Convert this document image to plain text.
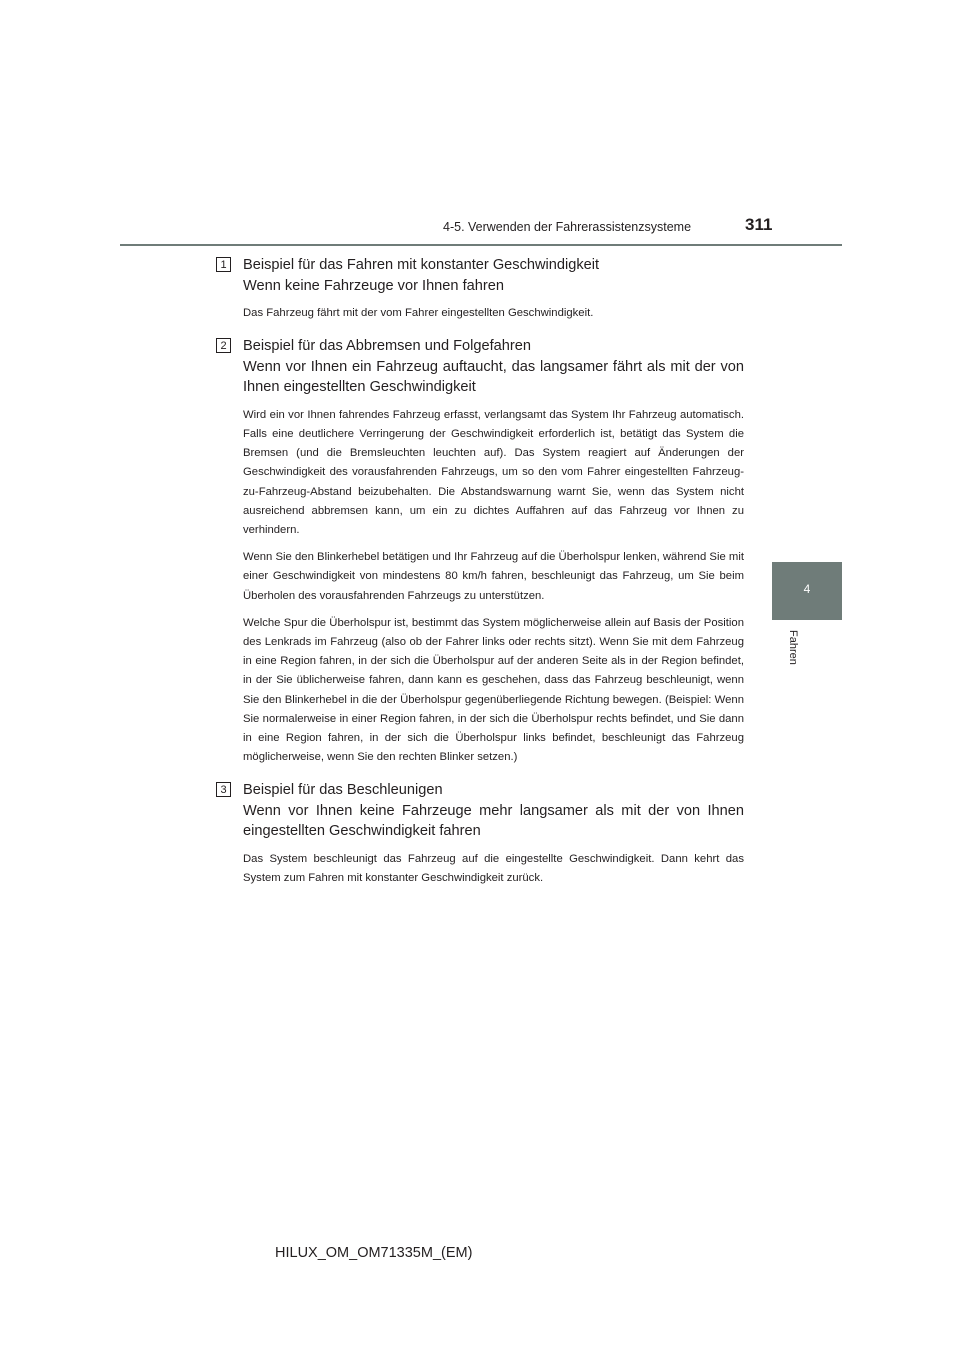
4-5. Verwenden der Fahrerassistenzsysteme	311
4
Fahren
1	Beispiel für das Fahren mit konstanter Geschwindigkeit

Wenn keine Fahrzeuge vor Ihnen fahren

Das Fahrzeug fährt mit der vom Fahrer eingestellten Geschwindigkeit.

2	Beispiel für das Abbremsen und Folgefahren

Wenn vor Ihnen ein Fahrzeug auftaucht, das langsamer fährt als mit der von Ihnen eingestellten Geschwindigkeit

Wird ein vor Ihnen fahrendes Fahrzeug erfasst, verlangsamt das System Ihr Fahrzeug automatisch. Falls eine deutlichere Verringerung der Geschwindigkeit erforderlich ist, betätigt das System die Bremsen (und die Bremsleuchten leuchten auf). Das System reagiert auf Änderungen der Geschwindigkeit des vorausfahrenden Fahrzeugs, um so den vom Fahrer eingestellten Fahrzeug-zu-Fahrzeug-Abstand beizubehalten. Die Abstandswarnung warnt Sie, wenn das System nicht ausreichend abbremsen kann, um ein zu dichtes Auffahren auf das Fahrzeug vor Ihnen zu verhindern.

Wenn Sie den Blinkerhebel betätigen und Ihr Fahrzeug auf die Überholspur lenken, während Sie mit einer Geschwindigkeit von mindestens 80 km/h fahren, beschleunigt das Fahrzeug, um Sie beim Überholen des vorausfahrenden Fahrzeugs zu unterstützen.

Welche Spur die Überholspur ist, bestimmt das System möglicherweise allein auf Basis der Position des Lenkrads im Fahrzeug (also ob der Fahrer links oder rechts sitzt). Wenn Sie mit dem Fahrzeug in eine Region fahren, in der sich die Überholspur auf der anderen Seite als in der Region befindet, in der Sie üblicherweise fahren, dann kann es geschehen, dass das Fahrzeug beschleunigt, wenn Sie den Blinkerhebel in die der Überholspur gegenüberliegende Richtung bewegen. (Beispiel: Wenn Sie normalerweise in einer Region fahren, in der sich die Überholspur rechts befindet, und Sie dann in eine Region fahren, in der sich die Überholspur links befindet, beschleunigt das Fahrzeug möglicherweise, wenn Sie den rechten Blinker setzen.)

3	Beispiel für das Beschleunigen

Wenn vor Ihnen keine Fahrzeuge mehr langsamer als mit der von Ihnen eingestellten Geschwindigkeit fahren

Das System beschleunigt das Fahrzeug auf die eingestellte Geschwindigkeit. Dann kehrt das System zum Fahren mit konstanter Geschwindigkeit zurück.

HILUX_OM_OM71335M_(EM)
